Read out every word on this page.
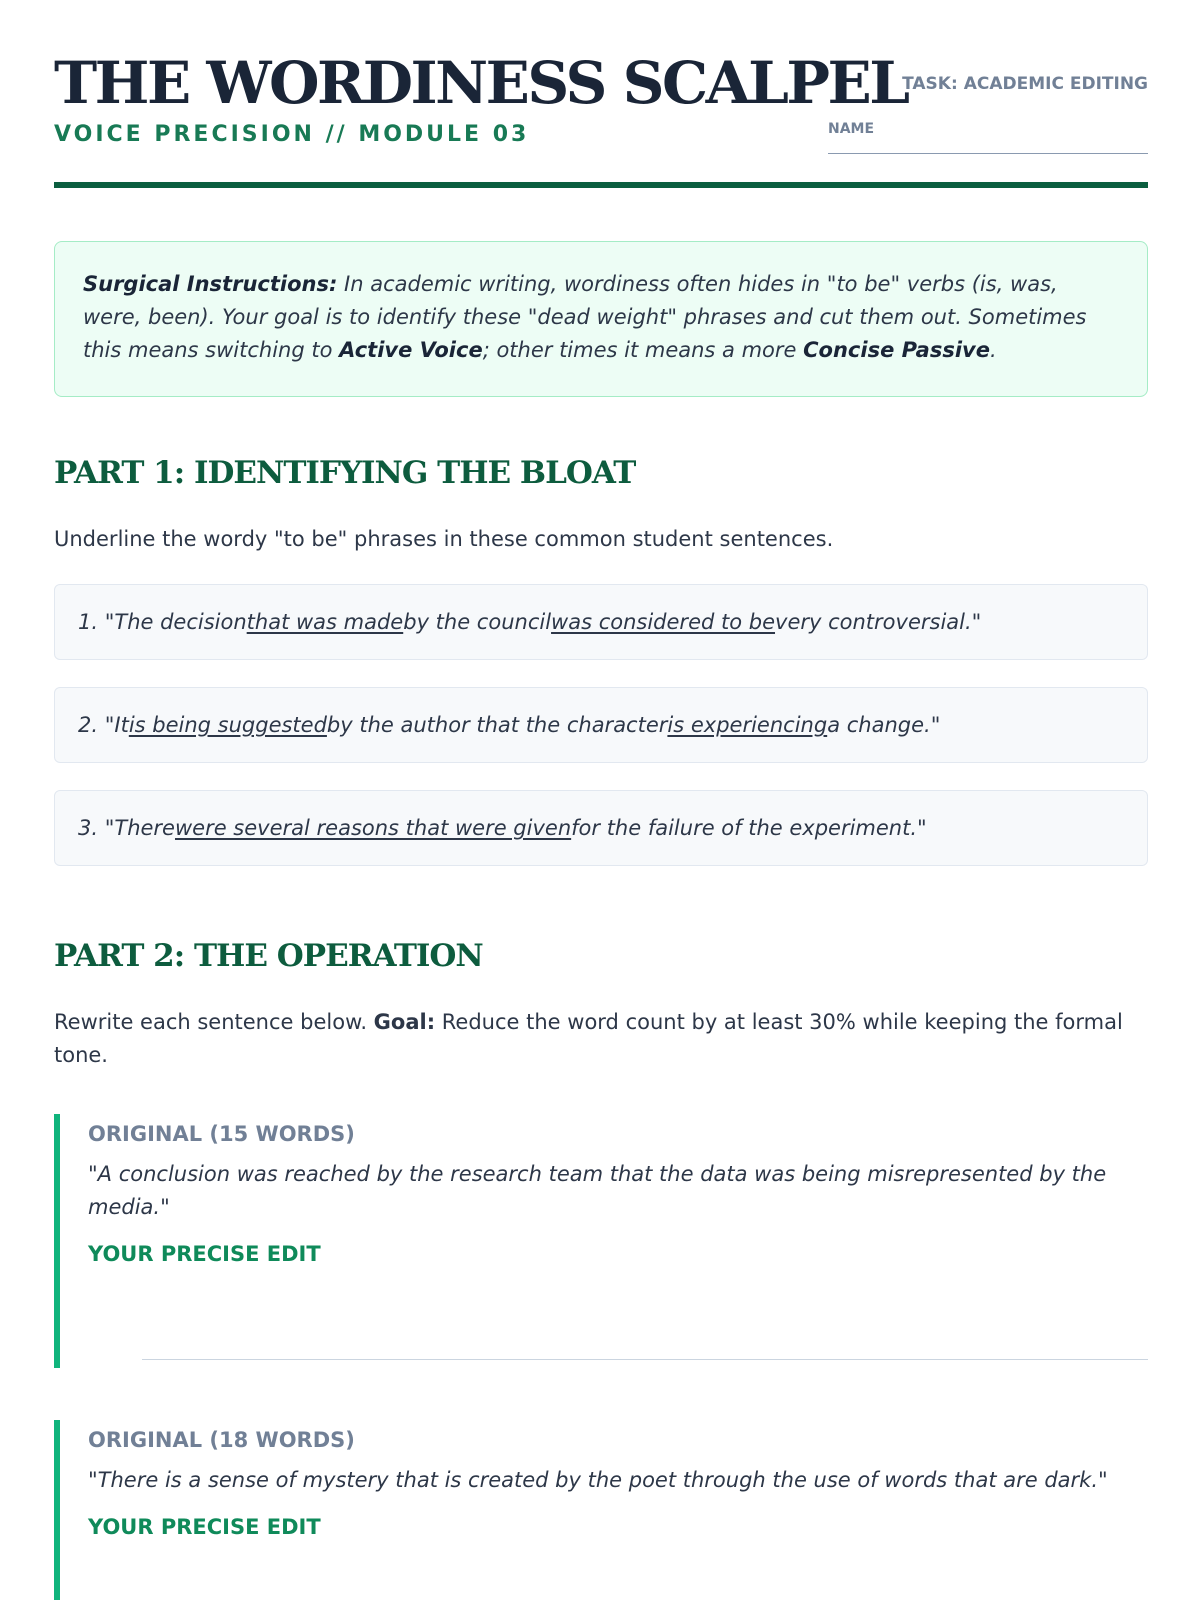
THE WORDINESS SCALPEL
VOICE PRECISION // MODULE 03
TASK: ACADEMIC EDITING
NAME
Surgical Instructions: In academic writing, wordiness often hides in "to be" verbs (is, was, were, been). Your goal is to identify these "dead weight" phrases and cut them out. Sometimes this means switching to Active Voice; other times it means a more Concise Passive.
PART 1: IDENTIFYING THE BLOAT
Underline the wordy "to be" phrases in these common student sentences.
1. "The decision that was made by the council was considered to be very controversial."
2. "It is being suggested by the author that the character is experiencing a change."
3. "There were several reasons that were given for the failure of the experiment."
PART 2: THE OPERATION
Rewrite each sentence below. Goal: Reduce the word count by at least 30% while keeping the formal tone.
ORIGINAL (15 WORDS)
"A conclusion was reached by the research team that the data was being misrepresented by the media."
YOUR PRECISE EDIT
ORIGINAL (18 WORDS)
"There is a sense of mystery that is created by the poet through the use of words that are dark."
YOUR PRECISE EDIT
